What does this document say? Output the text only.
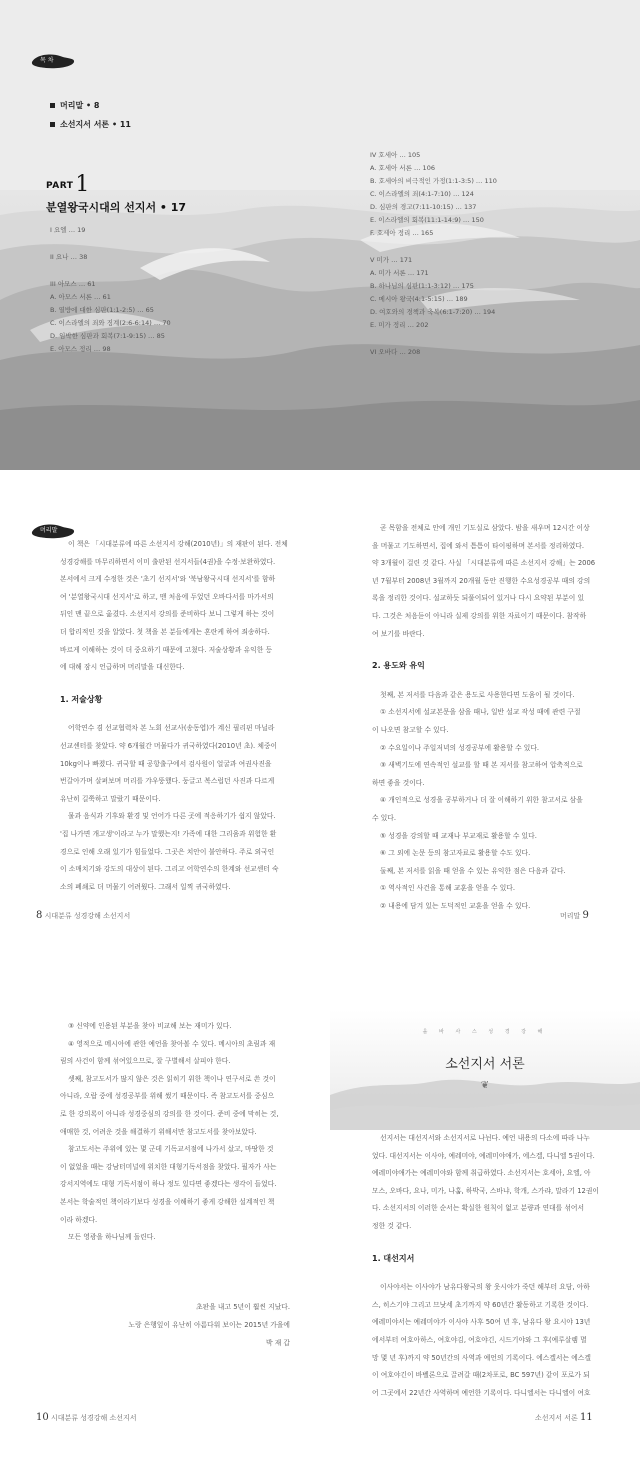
목 차
머리말 • 8
소선지서 서론 • 11
PART1
분열왕국시대의 선지서 • 17
I 요엘 … 19
II 요나 … 38
III 아모스 … 61
A. 아모스 서론 … 61
B. 열방에 대한 심판(1:1-2:5) … 65
C. 이스라엘의 죄와 징계(2:6-6:14) … 70
D. 임박한 심판과 회복(7:1-9:15) … 85
E. 아모스 정리 … 98
IV 호세아 … 105
A. 호세아 서론 … 106
B. 호세아의 비극적인 가정(1:1-3:5) … 110
C. 이스라엘의 죄(4:1-7:10) … 124
D. 심판의 경고(7:11-10:15) … 137
E. 이스라엘의 회복(11:1-14:9) … 150
F. 호세아 정리 … 165
V 미가 … 171
A. 미가 서론 … 171
B. 하나님의 심판(1:1-3:12) … 175
C. 메시아 왕국(4:1-5:15) … 189
D. 여호와의 경책과 축복(6:1-7:20) … 194
E. 미가 정리 … 202
VI 오바다 … 208
머리말
이 책은 「시대분류에 따른 소선지서 강해(2010년)」의 재판이 된다. 전체
성경강해를 마무리하면서 이미 출판된 선지서들(4권)을 수정·보완하였다.
본서에서 크게 수정한 것은 '초기 선지서'와 '북남왕국시대 선지서'를 함하
여 '분열왕국시대 선지서'로 하고, 맨 처음에 두었던 오바다서를 마가서의
뒤인 맨 끝으로 옮겼다. 소선지서 강의를 준비하다 보니 그렇게 하는 것이
더 합리적인 것을 알았다. 첫 책을 본 분들에게는 혼란케 하여 죄송하다.
바르게 이해하는 것이 더 중요하기 때문에 고쳤다. 저술상황과 유익한 등
에 대해 잠시 언급하며 머리말을 대신한다.
1. 저술상황
어학연수 겸 선교협력차 본 노회 선교사(송동엽)가 계신 필리핀 마닐라
선교센터를 찾았다. 약 6개월간 머물다가 귀국하였다(2010년 초). 체중이
10kg이나 빠졌다. 귀국할 때 공항출구에서 검사원이 얼굴과 여권사진을
번갈아가며 살펴보며 머리를 갸우뚱했다. 둥글고 복스럽던 사진과 다르게
유난히 길쭉하고 말랐기 때문이다.
물과 음식과 기후와 환경 및 언어가 다른 곳에 적응하기가 쉽지 않았다.
'집 나가면 개고생'이라고 누가 말했는지! 가족에 대한 그리움과 위험한 환
경으로 인해 오래 있기가 힘들었다. 그곳은 치안이 불안하다. 주로 외국인
이 소매치기와 강도의 대상이 된다. 그리고 어학연수의 한계와 선교센터 숙
소의 폐쇄로 더 머물기 어려웠다. 그래서 일찍 귀국하였다.
8 시대분류 성경강해 소선지서
곧 목함을 전체로 안에 개인 기도실로 삼았다. 밤을 새우며 12시간 이상
을 머물고 기도하면서, 집에 와서 틈틈이 타이핑하며 본서를 정리하였다.
약 3개월이 걸린 것 같다. 사실 「시대분류에 따른 소선지서 강해」는 2006
년 7월부터 2008년 3월까지 20개월 동안 진행한 수요성경공부 때의 강의
록을 정리한 것이다. 설교하듯 되풀이되어 있거나 다시 요약된 부분이 있
다. 그것은 처음듣이 아니라 실제 강의를 위한 자료이기 때문이다. 참작하
여 보기를 바란다.
2. 용도와 유익
첫째, 본 저서를 다음과 같은 용도로 사용한다면 도움이 될 것이다.
① 소선지서에 설교본문을 삼을 때나, 일반 설교 작성 때에 관련 구절
이 나오면 참고할 수 있다.
② 수요일이나 주일저녁의 성경공부에 활용할 수 있다.
③ 새벽기도에 연속적인 설교를 할 때 본 저서를 참고하여 압축적으로
하면 좋을 것이다.
④ 개인적으로 성경을 공부하거나 더 잘 이해하기 위한 참고서로 삼을
수 있다.
⑤ 성경을 강의할 때 교재나 부교재로 활용할 수 있다.
⑥ 그 외에 논문 등의 참고자료로 활용할 수도 있다.
둘째, 본 저서를 읽을 때 얻을 수 있는 유익한 점은 다음과 같다.
① 역사적인 사건을 통해 교훈을 얻을 수 있다.
② 내용에 담겨 있는 도덕적인 교훈을 얻을 수 있다.
머리말 9
③ 신약에 인용된 부분을 찾아 비교해 보는 재미가 있다.
④ 영적으로 메시아에 관한 예언을 찾아볼 수 있다. 메시아의 초림과 재
림의 사건이 함께 섞여있으므로, 잘 구별해서 살피야 한다.
셋째, 참고도서가 많지 않은 것은 읽히기 위한 책이나 연구서로 쓴 것이
아니라, 오랍 중에 성경공부를 위해 썼기 때문이다. 즉 참고도서를 중심으
로 한 강의록이 아니라 성경중심의 강의를 한 것이다. 준비 중에 막히는 것,
애매한 것, 어려운 것을 해결하기 위해서만 참고도서를 찾아보았다.
참고도서는 주위에 있는 몇 군데 기독교서점에 나가서 샀고, 마땅한 것
이 없었을 때는 강남터미널에 위치한 대형기독서점을 찾았다. 필자가 사는
강서지역에도 대형 기독서점이 하나 정도 있다면 좋겠다는 생각이 들었다.
본서는 학술적인 책이라기보다 성경을 이해하기 좋게 강해한 설계적인 책
이라 하겠다.
모든 영광을 하나님께 돌린다.
초판을 내고 5년이 훨씬 지났다.
노랑 은행잎이 유난히 아름다워 보이는 2015년 가을에
박 재 갑
10 시대분류 성경강해 소선지서
을 바 사 스 성 경 강 해
소선지서 서론
❦
선지서는 대선지서와 소선지서로 나뉜다. 예언 내용의 다소에 따라 나누
었다. 대선지서는 이사야, 예레미야, 예레미야애가, 에스겔, 다니엘 5권이다.
예레미야애가는 예레미야와 함께 취급하였다. 소선지서는 호세아, 요엘, 아
모스, 오바다, 요나, 미가, 나훔, 하박국, 스바냐, 학개, 스가랴, 말라기 12권이
다. 소선지서의 이러한 순서는 확실한 원칙이 없고 분량과 연대를 섞어서
정한 것 같다.
1. 대선지서
이사야서는 이사야가 남유다왕국의 왕 웃시야가 죽던 해부터 요담, 아하
스, 히스기야 그리고 므낫세 초기까지 약 60년간 활동하고 기록한 것이다.
예레미야서는 예레미야가 이사야 사후 50여 년 후, 남유다 왕 요시야 13년
에서부터 여호아하스, 여호야김, 여호야긴, 시드기야와 그 후(예루살렘 멸
망 몇 년 후)까지 약 50년간의 사역과 예언의 기록이다. 에스겔서는 에스겔
이 여호야긴이 바벨론으로 끌려갈 때(2차포로, BC 597년) 같이 포로가 되
어 그곳에서 22년간 사역하며 예언한 기록이다. 다니엘서는 다니엘이 여호
소선지서 서론 11
